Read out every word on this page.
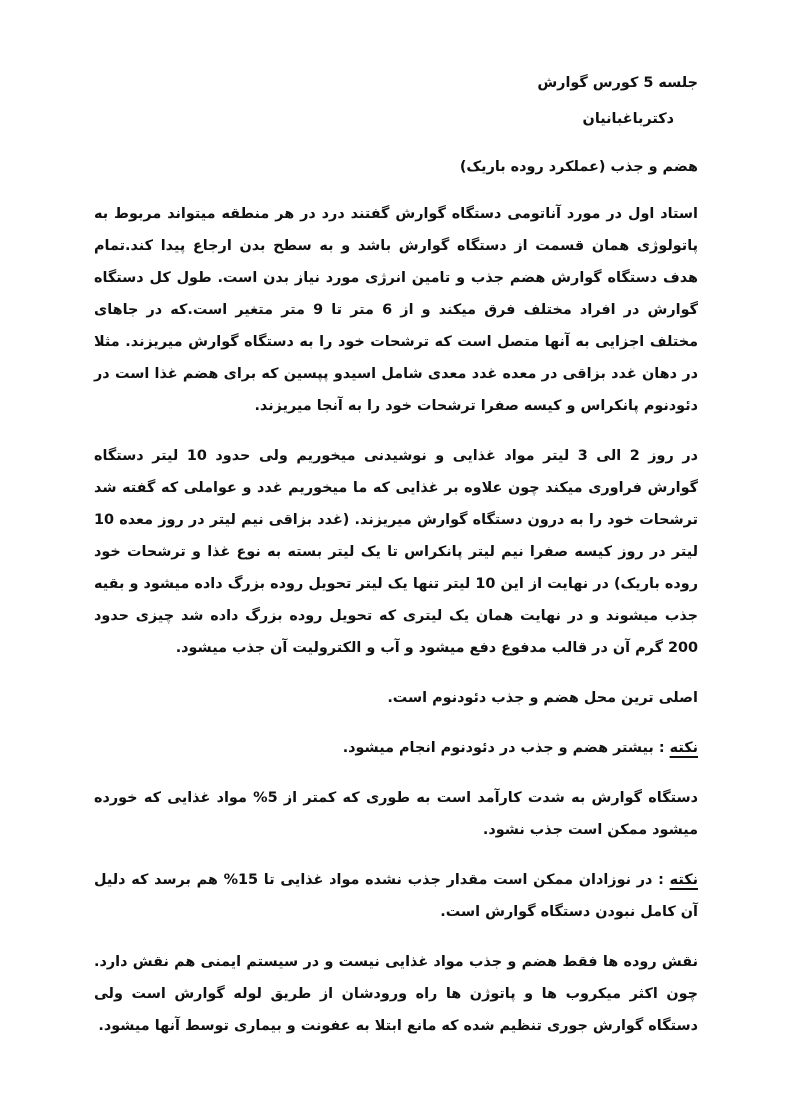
جلسه 5 کورس گوارش
دکترباغبانیان
هضم و جذب (عملکرد روده باریک)

استاد اول در مورد آناتومی دستگاه گوارش گفتند درد در هر منطقه میتواند مربوط به پاتولوژی همان قسمت از دستگاه گوارش باشد و به سطح بدن ارجاع پیدا کند.تمام هدف دستگاه گوارش هضم جذب و تامین انرژی مورد نیاز بدن است. طول کل دستگاه گوارش در افراد مختلف فرق میکند و از 6 متر تا 9 متر متغیر است.که در جاهای مختلف اجزایی به آنها متصل است که ترشحات خود را به دستگاه گوارش میریزند. مثلا در دهان غدد بزاقی در معده غدد معدی شامل اسیدو پپسین که برای هضم غذا است در دئودنوم پانکراس و کیسه صفرا ترشحات خود را به آنجا میریزند.

در روز 2 الی 3 لیتر مواد غذایی و نوشیدنی میخوریم ولی حدود 10 لیتر دستگاه گوارش فراوری میکند چون علاوه بر غذایی که ما میخوریم غدد و عواملی که گفته شد ترشحات خود را به درون دستگاه گوارش میریزند. (غدد بزاقی نیم لیتر در روز معده 10 لیتر در روز کیسه صفرا نیم لیتر پانکراس تا یک لیتر بسته به نوع غذا و ترشحات خود روده باریک) در نهایت از این 10 لیتر تنها یک لیتر تحویل روده بزرگ داده میشود و بقیه جذب میشوند و در نهایت همان یک لیتری که تحویل روده بزرگ داده شد چیزی حدود 200 گرم آن در قالب مدفوع دفع میشود و آب و الکترولیت آن جذب میشود.

اصلی ترین محل هضم و جذب دئودنوم است.

نکته : بیشتر هضم و جذب در دئودنوم انجام میشود.

دستگاه گوارش به شدت کارآمد است به طوری که کمتر از 5% مواد غذایی که خورده میشود ممکن است جذب نشود.

نکته : در نوزادان ممکن است مقدار جذب نشده مواد غذایی تا 15% هم برسد که دلیل آن کامل نبودن دستگاه گوارش است.

نقش روده ها فقط هضم و جذب مواد غذایی نیست و در سیستم ایمنی هم نقش دارد. چون اکثر میکروب ها و پاتوژن ها راه ورودشان از طریق لوله گوارش است ولی دستگاه گوارش جوری تنظیم شده که مانع ابتلا به عفونت و بیماری توسط آنها میشود.
